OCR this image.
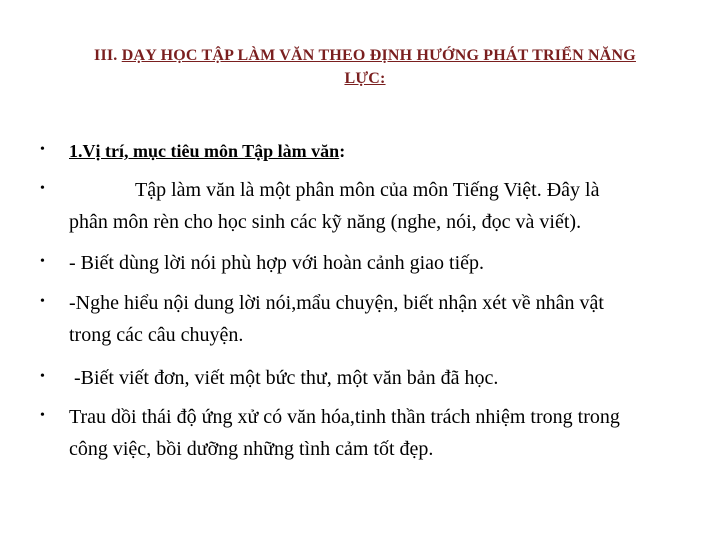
III. DẠY HỌC TẬP LÀM VĂN THEO ĐỊNH HƯỚNG PHÁT TRIỂN NĂNG
LỰC:
• 1.Vị trí, mục tiêu môn Tập làm văn:
•	Tập làm văn là một phân môn của môn Tiếng Việt. Đây là
phân môn rèn cho học sinh các kỹ năng (nghe, nói, đọc và viết).
• - Biết dùng lời nói phù hợp với hoàn cảnh giao tiếp.
• -Nghe hiểu nội dung lời nói,mẩu chuyện, biết nhận xét về nhân vật
trong các câu chuyện.
• -Biết viết đơn, viết một bức thư, một văn bản đã học.
• Trau dồi thái độ ứng xử có văn hóa,tinh thần trách nhiệm trong trong
công việc, bồi dưỡng những tình cảm tốt đẹp.
